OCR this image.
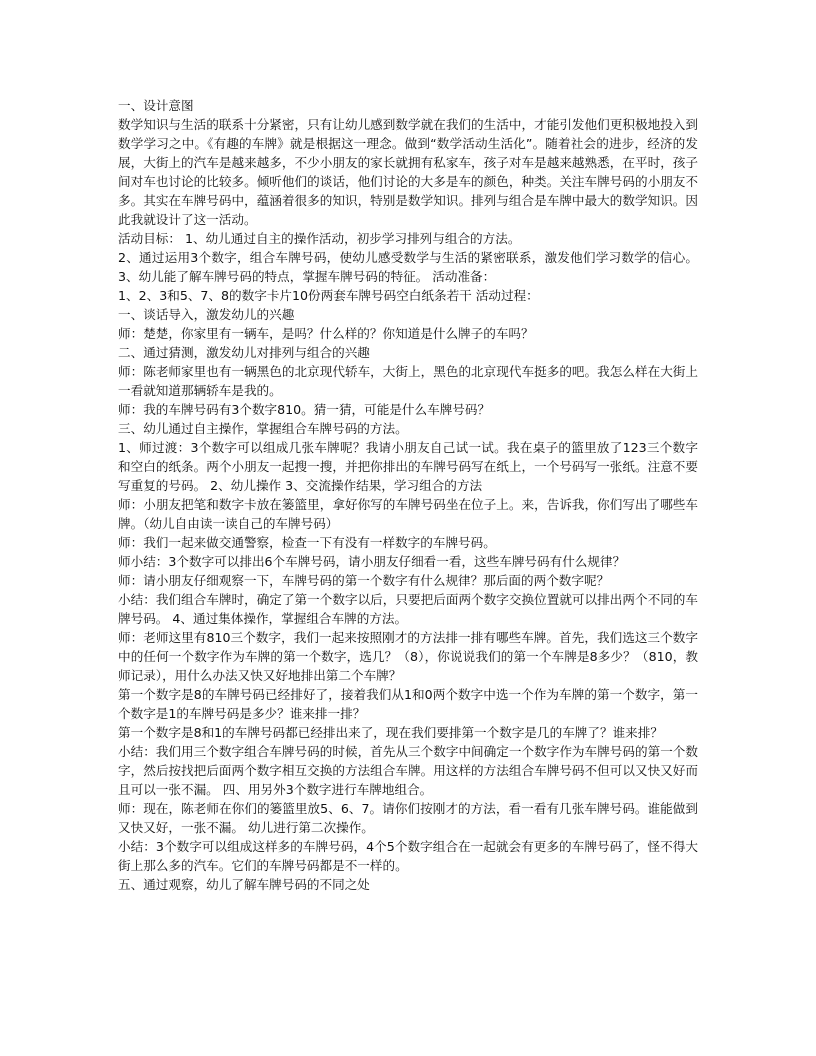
一、设计意图

数学知识与生活的联系十分紧密，只有让幼儿感到数学就在我们的生活中，才能引发他们更积极地投入到数学学习之中。《有趣的车牌》就是根据这一理念。做到“数学活动生活化”。随着社会的进步，经济的发展，大街上的汽车是越来越多，不少小朋友的家长就拥有私家车，孩子对车是越来越熟悉，在平时，孩子间对车也讨论的比较多。倾听他们的谈话，他们讨论的大多是车的颜色，种类。关注车牌号码的小朋友不多。其实在车牌号码中，蕴涵着很多的知识，特别是数学知识。排列与组合是车牌中最大的数学知识。因此我就设计了这一活动。

活动目标： 1、幼儿通过自主的操作活动，初步学习排列与组合的方法。

2、通过运用3个数字，组合车牌号码，使幼儿感受数学与生活的紧密联系，激发他们学习数学的信心。 3、幼儿能了解车牌号码的特点，掌握车牌号码的特征。 活动准备：

1、2、3和5、7、8的数字卡片10份两套车牌号码空白纸条若干 活动过程：

一、谈话导入，激发幼儿的兴趣

师：楚楚，你家里有一辆车，是吗？什么样的？你知道是什么牌子的车吗？

二、通过猜测，激发幼儿对排列与组合的兴趣

师：陈老师家里也有一辆黑色的北京现代轿车，大街上，黑色的北京现代车挺多的吧。我怎么样在大街上一看就知道那辆轿车是我的。

师：我的车牌号码有3个数字810。猜一猜，可能是什么车牌号码？

三、幼儿通过自主操作，掌握组合车牌号码的方法。

1、师过渡：3个数字可以组成几张车牌呢？我请小朋友自己试一试。我在桌子的篮里放了123三个数字和空白的纸条。两个小朋友一起搜一搜，并把你排出的车牌号码写在纸上，一个号码写一张纸。注意不要写重复的号码。 2、幼儿操作 3、交流操作结果，学习组合的方法

师：小朋友把笔和数字卡放在篓篮里，拿好你写的车牌号码坐在位子上。来，告诉我，你们写出了哪些车牌。（幼儿自由读一读自己的车牌号码）

师：我们一起来做交通警察，检查一下有没有一样数字的车牌号码。

师小结：3个数字可以排出6个车牌号码，请小朋友仔细看一看，这些车牌号码有什么规律？

师：请小朋友仔细观察一下，车牌号码的第一个数字有什么规律？那后面的两个数字呢？

小结：我们组合车牌时，确定了第一个数字以后，只要把后面两个数字交换位置就可以排出两个不同的车牌号码。 4、通过集体操作，掌握组合车牌的方法。

师：老师这里有810三个数字，我们一起来按照刚才的方法排一排有哪些车牌。首先，我们选这三个数字中的任何一个数字作为车牌的第一个数字，选几？（8），你说说我们的第一个车牌是8多少？（810，教师记录），用什么办法又快又好地排出第二个车牌？

第一个数字是8的车牌号码已经排好了，接着我们从1和0两个数字中选一个作为车牌的第一个数字，第一个数字是1的车牌号码是多少？谁来排一排？

第一个数字是8和1的车牌号码都已经排出来了，现在我们要排第一个数字是几的车牌了？谁来排？

小结：我们用三个数字组合车牌号码的时候，首先从三个数字中间确定一个数字作为车牌号码的第一个数字，然后按找把后面两个数字相互交换的方法组合车牌。用这样的方法组合车牌号码不但可以又快又好而且可以一张不漏。 四、用另外3个数字进行车牌地组合。

师：现在，陈老师在你们的篓篮里放5、6、7。请你们按刚才的方法，看一看有几张车牌号码。谁能做到又快又好，一张不漏。 幼儿进行第二次操作。

小结：3个数字可以组成这样多的车牌号码，4个5个数字组合在一起就会有更多的车牌号码了，怪不得大街上那么多的汽车。它们的车牌号码都是不一样的。

五、通过观察，幼儿了解车牌号码的不同之处
